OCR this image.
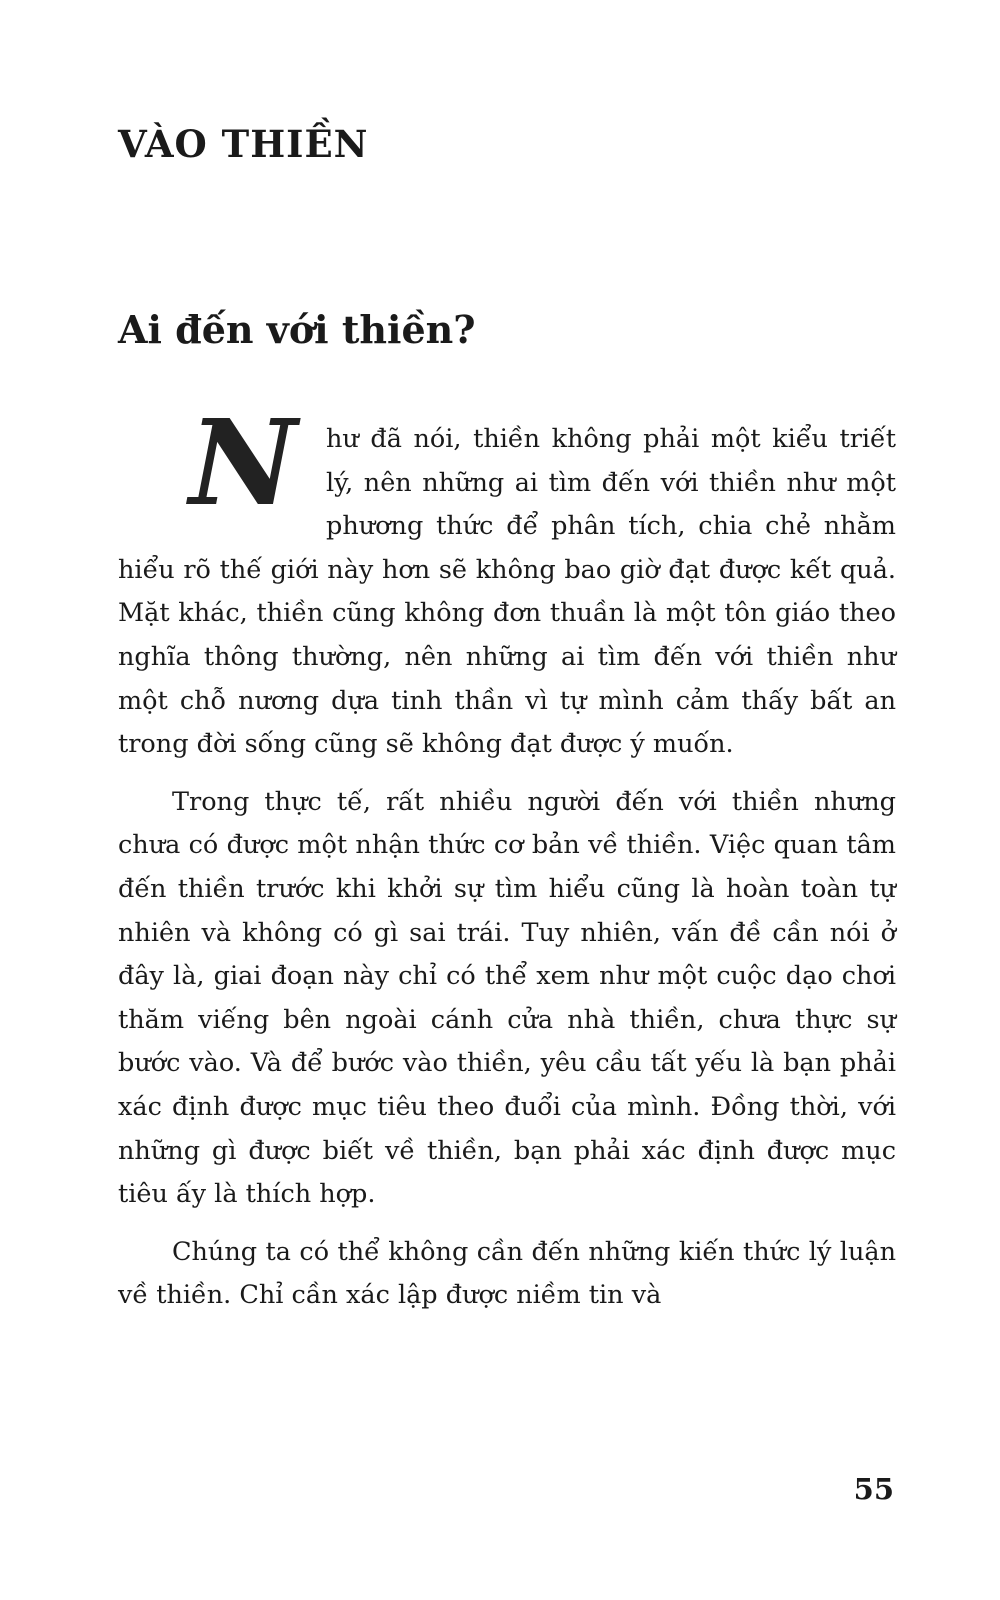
VÀO THIỀN
Ai đến với thiền?

N	hư đã nói, thiền không phải một kiểu triết lý, nên những ai tìm đến với thiền như một phương thức để phân tích, chia chẻ nhằm hiểu rõ thế giới này hơn sẽ không bao giờ đạt được kết quả. Mặt khác, thiền cũng không đơn thuần là một tôn giáo theo nghĩa thông thường, nên những ai tìm đến với thiền như một chỗ nương dựa tinh thần vì tự mình cảm thấy bất an trong đời sống cũng sẽ không đạt được ý muốn.

Trong thực tế, rất nhiều người đến với thiền nhưng chưa có được một nhận thức cơ bản về thiền. Việc quan tâm đến thiền trước khi khởi sự tìm hiểu cũng là hoàn toàn tự nhiên và không có gì sai trái. Tuy nhiên, vấn đề cần nói ở đây là, giai đoạn này chỉ có thể xem như một cuộc dạo chơi thăm viếng bên ngoài cánh cửa nhà thiền, chưa thực sự bước vào. Và để bước vào thiền, yêu cầu tất yếu là bạn phải xác định được mục tiêu theo đuổi của mình. Đồng thời, với những gì được biết về thiền, bạn phải xác định được mục tiêu ấy là thích hợp.

Chúng ta có thể không cần đến những kiến thức lý luận về thiền. Chỉ cần xác lập được niềm tin và

55
